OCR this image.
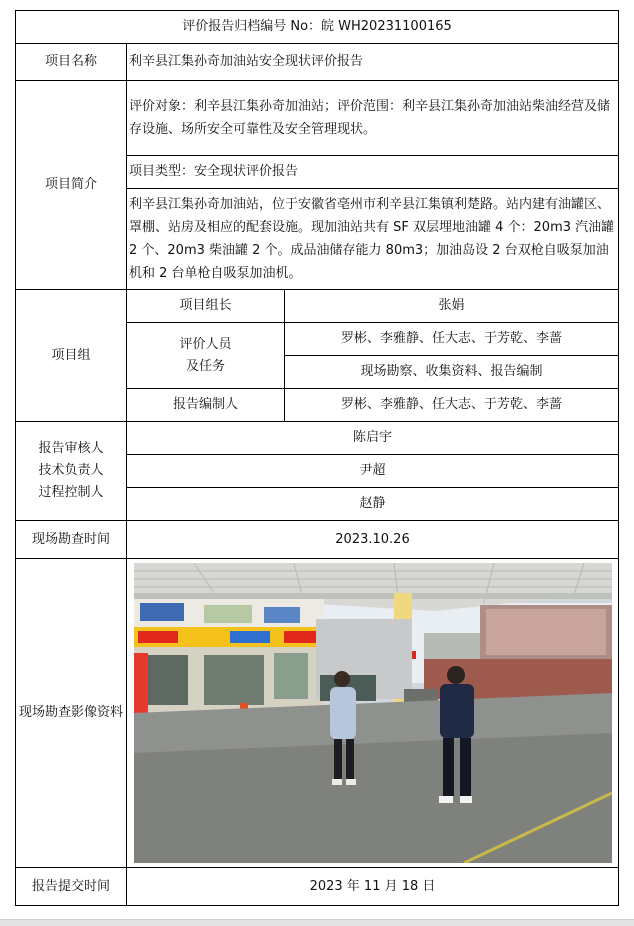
评价报告归档编号 No：皖 WH20231100165		
项目名称	利辛县江集孙奇加油站安全现状评价报告	
项目简介	评价对象：利辛县江集孙奇加油站；评价范围：利辛县江集孙奇加油站柴油经营及储存设施、场所安全可靠性及安全管理现状。	
	项目类型：安全现状评价报告	
	利辛县江集孙奇加油站，位于安徽省亳州市利辛县江集镇利楚路。站内建有油罐区、罩棚、站房及相应的配套设施。现加油站共有 SF 双层埋地油罐 4 个：20m3 汽油罐 2 个、20m3 柴油罐 2 个。成品油储存能力 80m3；加油岛设 2 台双枪自吸泵加油机和 2 台单枪自吸泵加油机。	
项目组	项目组长	张娟

	评价人员
及任务	罗彬、李雅静、任大志、于芳乾、李蔷
		现场勘察、收集资料、报告编制
	报告编制人	罗彬、李雅静、任大志、于芳乾、李蔷

报告审核人
技术负责人
过程控制人	陈启宇	
	尹超	
	赵静	
现场勘查时间	2023.10.26	
现场勘查影像资料	

报告提交时间	2023 年 11 月 18 日	
